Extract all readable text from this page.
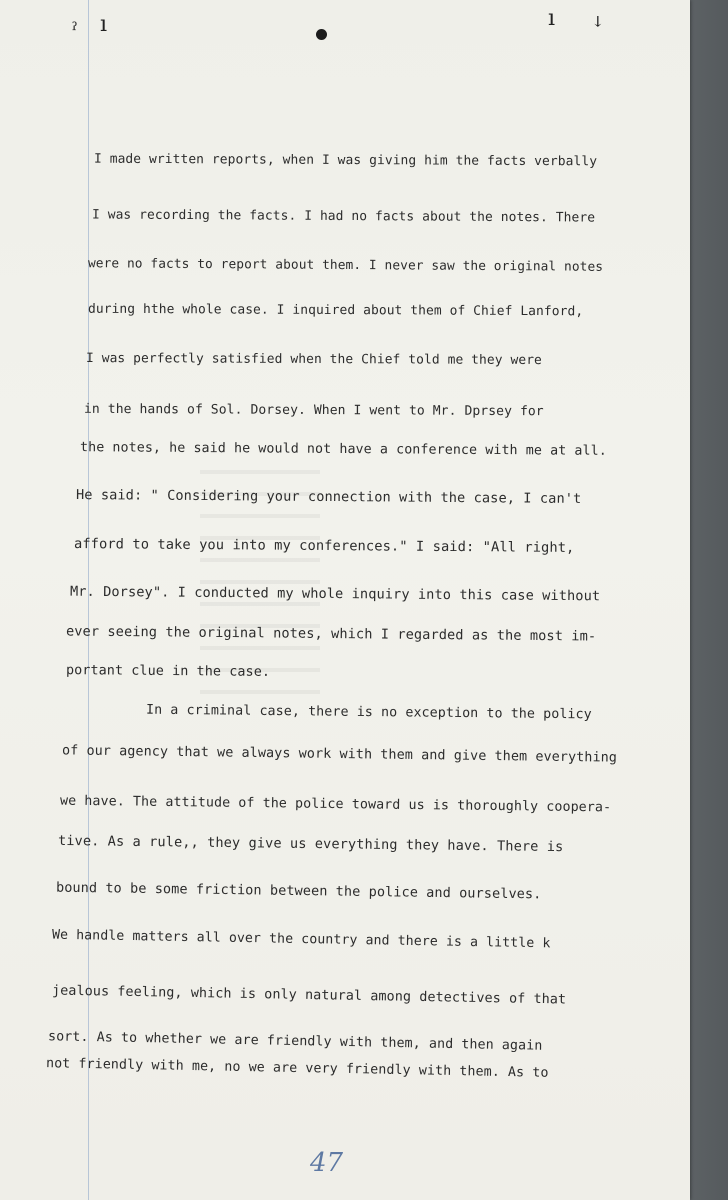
ˀ ı	ı ꜜ

I made written reports, when I was giving him the facts verbally

I was recording the facts. I had no facts about the notes. There

were no facts to report about them. I never saw the original notes

during hthe whole case. I inquired about them of Chief Lanford,

I was perfectly satisfied when the Chief told me they were

in the hands of Sol. Dorsey. When I went to Mr. Dprsey for

the notes, he said he would not have a conference with me at all.

He said: " Considering your connection with the case, I can't

afford to take you into my conferences." I said: "All right,

Mr. Dorsey". I conducted my whole inquiry into this case without

ever seeing the original notes, which I regarded as the most im-

portant clue in the case.

In a criminal case, there is no exception to the policy

of our agency that we always work with them and give them everything

we have. The attitude of the police toward us is thoroughly coopera-

tive. As a rule,, they give us everything they have. There is

bound to be some friction between the police and ourselves.

We handle matters all over the country and there is a little k

jealous feeling, which is only natural among detectives of that

sort. As to whether we are friendly with them, and then again

not friendly with me, no we are very friendly with them. As to

47
